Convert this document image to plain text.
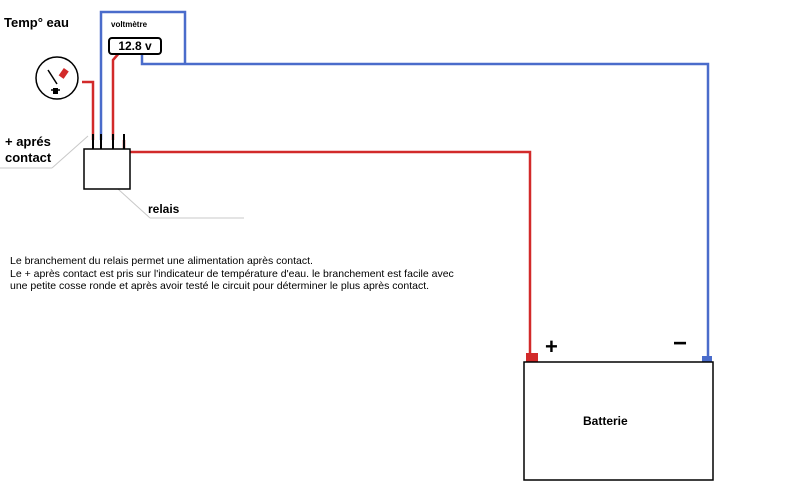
Temp° eau	voltmètre
12.8 v
+ aprés
contact
relais
Le branchement du relais permet une alimentation après contact.
Le + après contact est pris sur l'indicateur de température d'eau. le branchement est facile avec
une petite cosse ronde et après avoir testé le circuit pour déterminer le plus après contact.
+	−
Batterie
